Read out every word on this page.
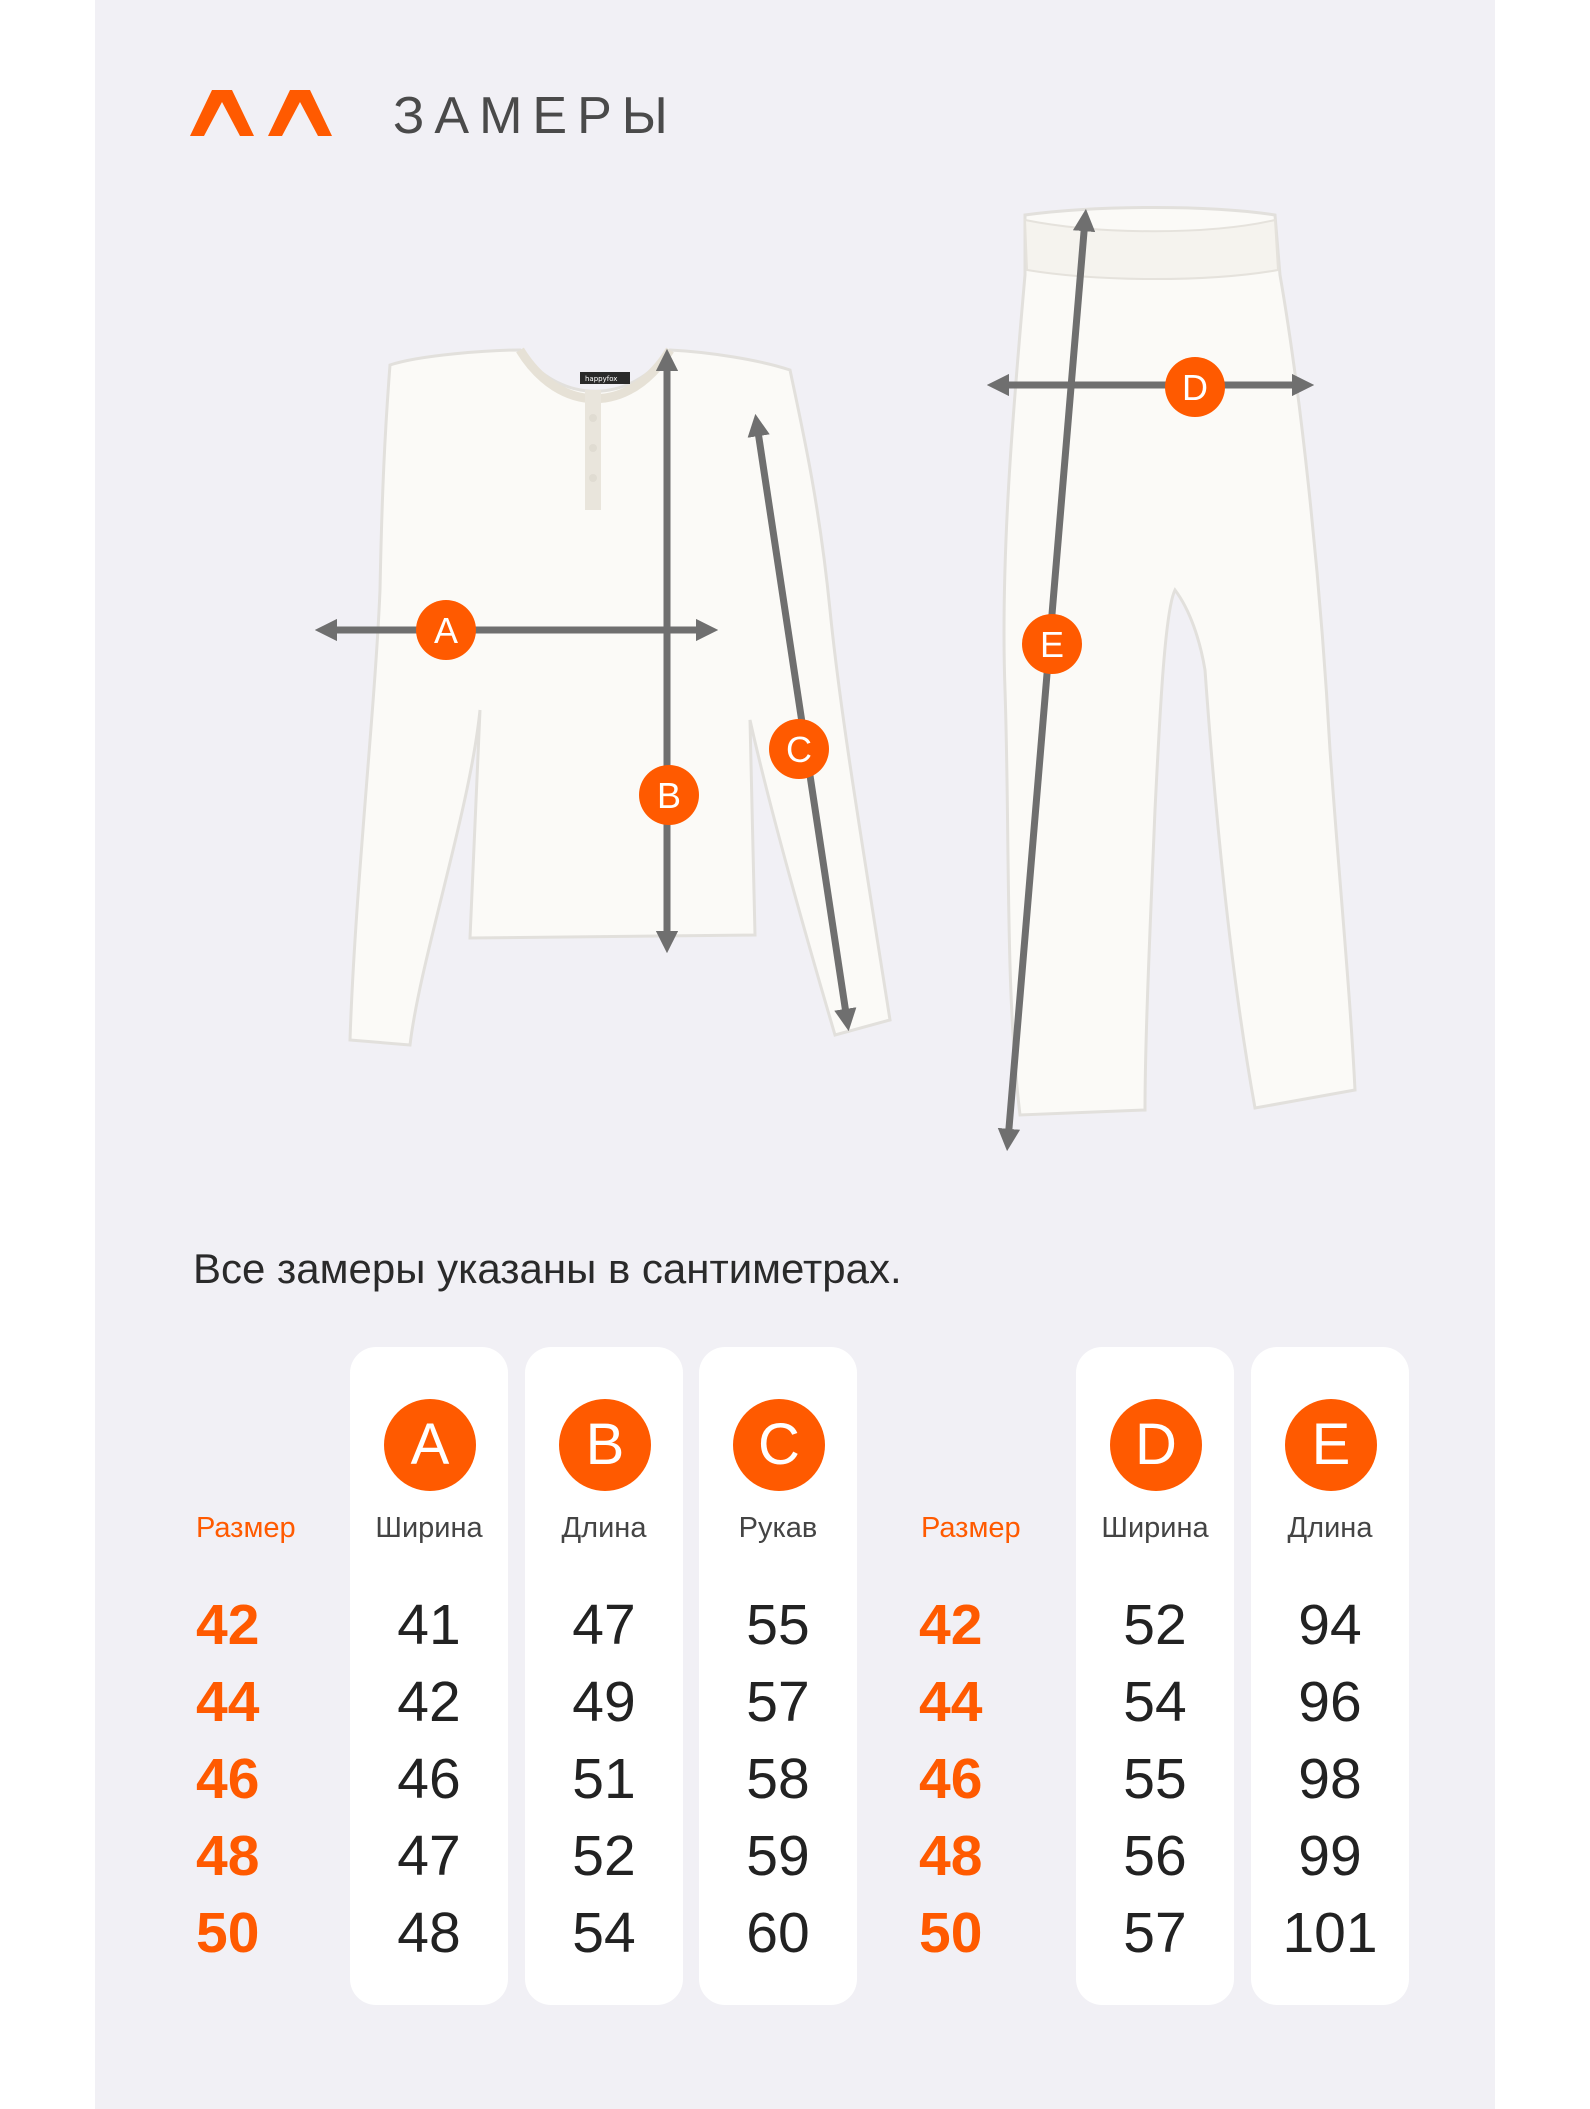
ЗАМЕРЫ
happyfox
A
B
C
D
E
Все замеры указаны в сантиметрах.
Размер
42
44
46
48
50
A
Ширина
41
42
46
47
48
B
Длина
47
49
51
52
54
C
Рукав
55
57
58
59
60
Размер
42
44
46
48
50
D
Ширина
52
54
55
56
57
E
Длина
94
96
98
99
101
